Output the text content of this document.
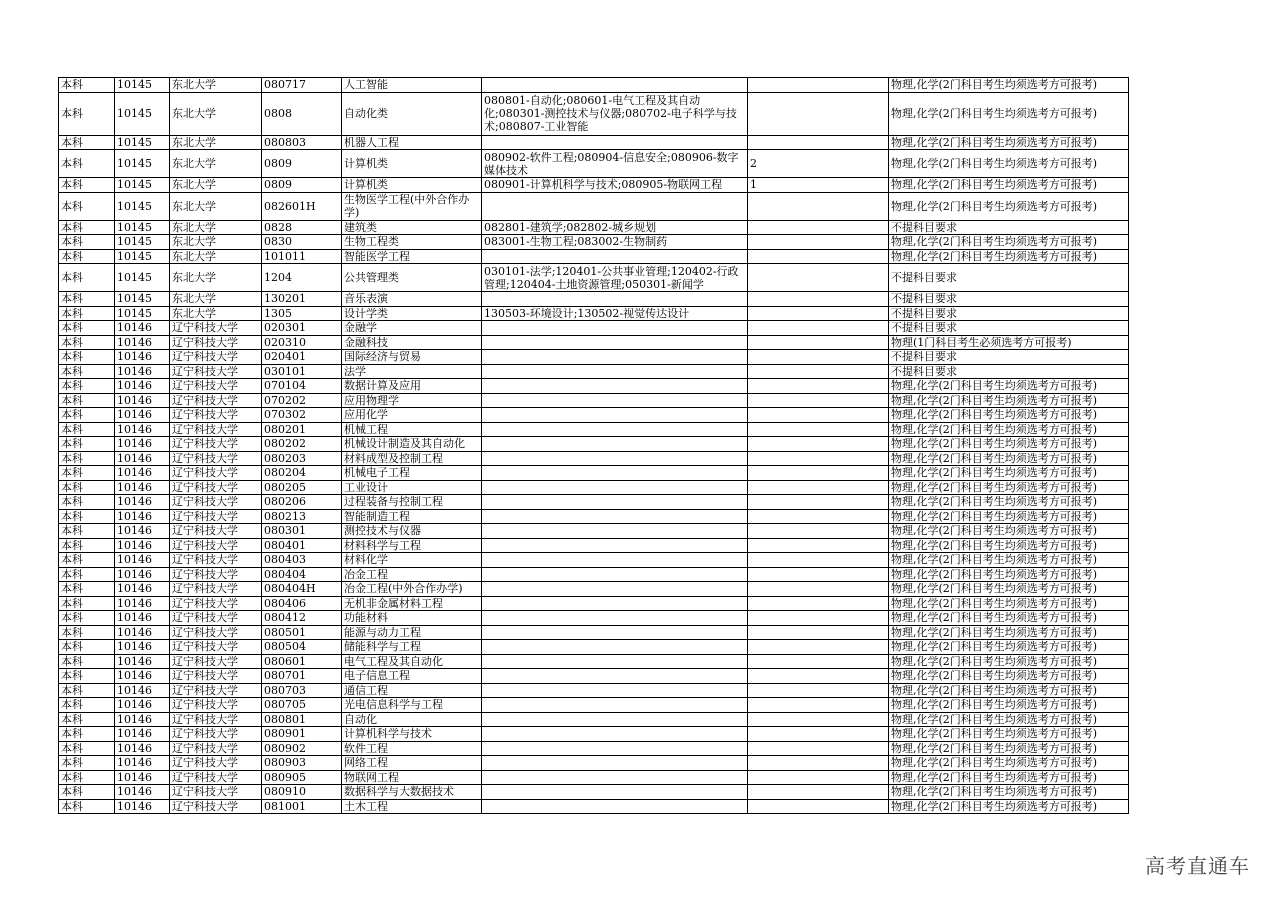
本科	10145	东北大学	080717	人工智能			物理,化学(2门科目考生均须选考方可报考)
本科	10145	东北大学	0808	自动化类	080801-自动化;080601-电气工程及其自动化;080301-测控技术与仪器;080702-电子科学与技术;080807-工业智能		物理,化学(2门科目考生均须选考方可报考)
本科	10145	东北大学	080803	机器人工程			物理,化学(2门科目考生均须选考方可报考)
本科	10145	东北大学	0809	计算机类	080902-软件工程;080904-信息安全;080906-数字媒体技术	2	物理,化学(2门科目考生均须选考方可报考)
本科	10145	东北大学	0809	计算机类	080901-计算机科学与技术;080905-物联网工程	1	物理,化学(2门科目考生均须选考方可报考)
本科	10145	东北大学	082601H	生物医学工程(中外合作办学)			物理,化学(2门科目考生均须选考方可报考)
本科	10145	东北大学	0828	建筑类	082801-建筑学;082802-城乡规划		不提科目要求
本科	10145	东北大学	0830	生物工程类	083001-生物工程;083002-生物制药		物理,化学(2门科目考生均须选考方可报考)
本科	10145	东北大学	101011	智能医学工程			物理,化学(2门科目考生均须选考方可报考)
本科	10145	东北大学	1204	公共管理类	030101-法学;120401-公共事业管理;120402-行政管理;120404-土地资源管理;050301-新闻学		不提科目要求
本科	10145	东北大学	130201	音乐表演			不提科目要求
本科	10145	东北大学	1305	设计学类	130503-环境设计;130502-视觉传达设计		不提科目要求
本科	10146	辽宁科技大学	020301	金融学			不提科目要求
本科	10146	辽宁科技大学	020310	金融科技			物理(1门科目考生必须选考方可报考)
本科	10146	辽宁科技大学	020401	国际经济与贸易			不提科目要求
本科	10146	辽宁科技大学	030101	法学			不提科目要求
本科	10146	辽宁科技大学	070104	数据计算及应用			物理,化学(2门科目考生均须选考方可报考)
本科	10146	辽宁科技大学	070202	应用物理学			物理,化学(2门科目考生均须选考方可报考)
本科	10146	辽宁科技大学	070302	应用化学			物理,化学(2门科目考生均须选考方可报考)
本科	10146	辽宁科技大学	080201	机械工程			物理,化学(2门科目考生均须选考方可报考)
本科	10146	辽宁科技大学	080202	机械设计制造及其自动化			物理,化学(2门科目考生均须选考方可报考)
本科	10146	辽宁科技大学	080203	材料成型及控制工程			物理,化学(2门科目考生均须选考方可报考)
本科	10146	辽宁科技大学	080204	机械电子工程			物理,化学(2门科目考生均须选考方可报考)
本科	10146	辽宁科技大学	080205	工业设计			物理,化学(2门科目考生均须选考方可报考)
本科	10146	辽宁科技大学	080206	过程装备与控制工程			物理,化学(2门科目考生均须选考方可报考)
本科	10146	辽宁科技大学	080213	智能制造工程			物理,化学(2门科目考生均须选考方可报考)
本科	10146	辽宁科技大学	080301	测控技术与仪器			物理,化学(2门科目考生均须选考方可报考)
本科	10146	辽宁科技大学	080401	材料科学与工程			物理,化学(2门科目考生均须选考方可报考)
本科	10146	辽宁科技大学	080403	材料化学			物理,化学(2门科目考生均须选考方可报考)
本科	10146	辽宁科技大学	080404	冶金工程			物理,化学(2门科目考生均须选考方可报考)
本科	10146	辽宁科技大学	080404H	冶金工程(中外合作办学)			物理,化学(2门科目考生均须选考方可报考)
本科	10146	辽宁科技大学	080406	无机非金属材料工程			物理,化学(2门科目考生均须选考方可报考)
本科	10146	辽宁科技大学	080412	功能材料			物理,化学(2门科目考生均须选考方可报考)
本科	10146	辽宁科技大学	080501	能源与动力工程			物理,化学(2门科目考生均须选考方可报考)
本科	10146	辽宁科技大学	080504	储能科学与工程			物理,化学(2门科目考生均须选考方可报考)
本科	10146	辽宁科技大学	080601	电气工程及其自动化			物理,化学(2门科目考生均须选考方可报考)
本科	10146	辽宁科技大学	080701	电子信息工程			物理,化学(2门科目考生均须选考方可报考)
本科	10146	辽宁科技大学	080703	通信工程			物理,化学(2门科目考生均须选考方可报考)
本科	10146	辽宁科技大学	080705	光电信息科学与工程			物理,化学(2门科目考生均须选考方可报考)
本科	10146	辽宁科技大学	080801	自动化			物理,化学(2门科目考生均须选考方可报考)
本科	10146	辽宁科技大学	080901	计算机科学与技术			物理,化学(2门科目考生均须选考方可报考)
本科	10146	辽宁科技大学	080902	软件工程			物理,化学(2门科目考生均须选考方可报考)
本科	10146	辽宁科技大学	080903	网络工程			物理,化学(2门科目考生均须选考方可报考)
本科	10146	辽宁科技大学	080905	物联网工程			物理,化学(2门科目考生均须选考方可报考)
本科	10146	辽宁科技大学	080910	数据科学与大数据技术			物理,化学(2门科目考生均须选考方可报考)
本科	10146	辽宁科技大学	081001	土木工程			物理,化学(2门科目考生均须选考方可报考)
高考直通车
